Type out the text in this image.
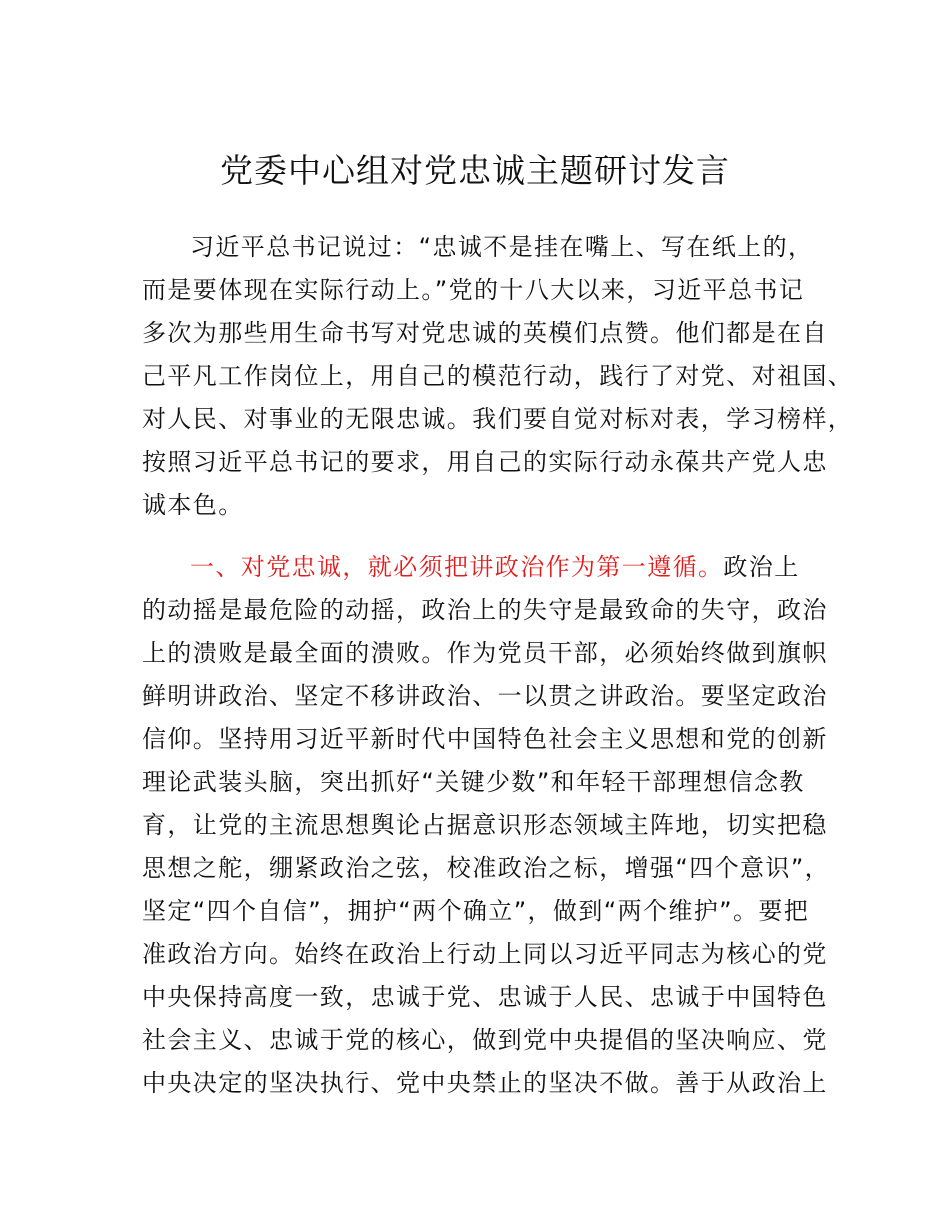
党委中心组对党忠诚主题研讨发言
习近平总书记说过：“忠诚不是挂在嘴上、写在纸上的，
而是要体现在实际行动上。”党的十八大以来，习近平总书记
多次为那些用生命书写对党忠诚的英模们点赞。他们都是在自
己平凡工作岗位上，用自己的模范行动，践行了对党、对祖国、
对人民、对事业的无限忠诚。我们要自觉对标对表，学习榜样，
按照习近平总书记的要求，用自己的实际行动永葆共产党人忠
诚本色。
一、对党忠诚，就必须把讲政治作为第一遵循。政治上
的动摇是最危险的动摇，政治上的失守是最致命的失守，政治
上的溃败是最全面的溃败。作为党员干部，必须始终做到旗帜
鲜明讲政治、坚定不移讲政治、一以贯之讲政治。要坚定政治
信仰。坚持用习近平新时代中国特色社会主义思想和党的创新
理论武装头脑，突出抓好“关键少数”和年轻干部理想信念教
育，让党的主流思想舆论占据意识形态领域主阵地，切实把稳
思想之舵，绷紧政治之弦，校准政治之标，增强“四个意识”，
坚定“四个自信”，拥护“两个确立”，做到“两个维护”。要把
准政治方向。始终在政治上行动上同以习近平同志为核心的党
中央保持高度一致，忠诚于党、忠诚于人民、忠诚于中国特色
社会主义、忠诚于党的核心，做到党中央提倡的坚决响应、党
中央决定的坚决执行、党中央禁止的坚决不做。善于从政治上
